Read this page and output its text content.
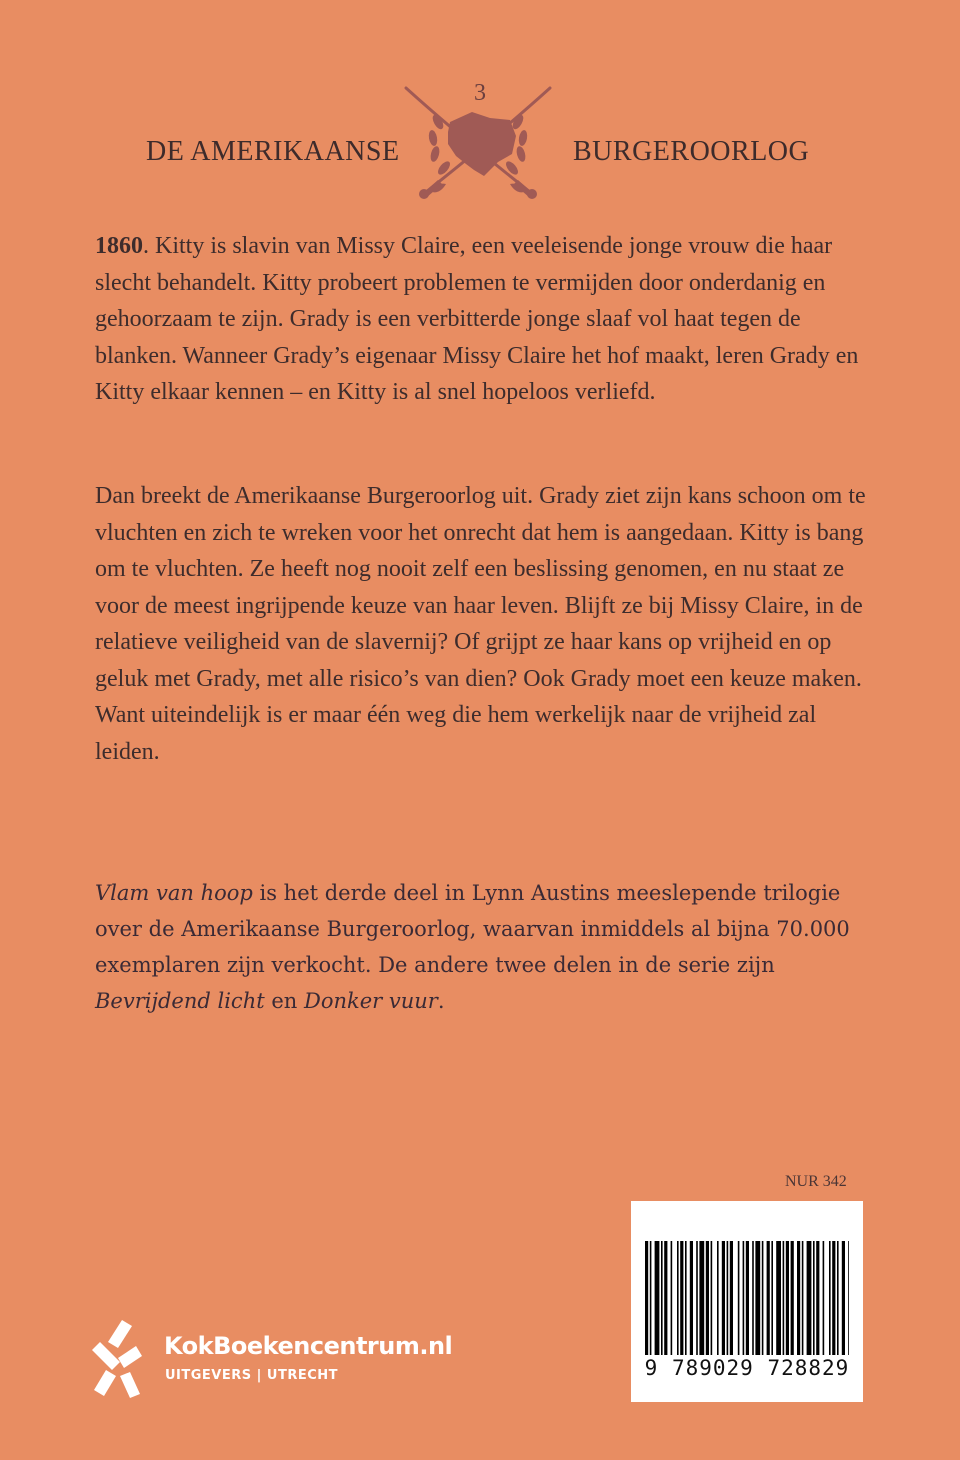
DE AMERIKAANSE	BURGEROORLOG
3

1860. Kitty is slavin van Missy Claire, een veeleisende jonge vrouw die haar slecht behandelt. Kitty probeert problemen te vermijden door onderdanig en gehoorzaam te zijn. Grady is een verbitterde jonge slaaf vol haat tegen de blanken. Wanneer Grady’s eigenaar Missy Claire het hof maakt, leren Grady en Kitty elkaar kennen – en Kitty is al snel hopeloos verliefd.

Dan breekt de Amerikaanse Burgeroorlog uit. Grady ziet zijn kans schoon om te vluchten en zich te wreken voor het onrecht dat hem is aangedaan. Kitty is bang om te vluchten. Ze heeft nog nooit zelf een beslissing genomen, en nu staat ze voor de meest ingrijpende keuze van haar leven. Blijft ze bij Missy Claire, in de relatieve veiligheid van de slavernij? Of grijpt ze haar kans op vrijheid en op geluk met Grady, met alle risico’s van dien? Ook Grady moet een keuze maken. Want uiteindelijk is er maar één weg die hem werkelijk naar de vrijheid zal leiden.

Vlam van hoop is het derde deel in Lynn Austins meeslepende trilogie over de Amerikaanse Burgeroorlog, waarvan inmiddels al bijna 70.000 exemplaren zijn verkocht. De andere twee delen in de serie zijn Bevrijdend licht en Donker vuur.

NUR 342
9 789029 728829
KokBoekencentrum.nl
UITGEVERS | UTRECHT
